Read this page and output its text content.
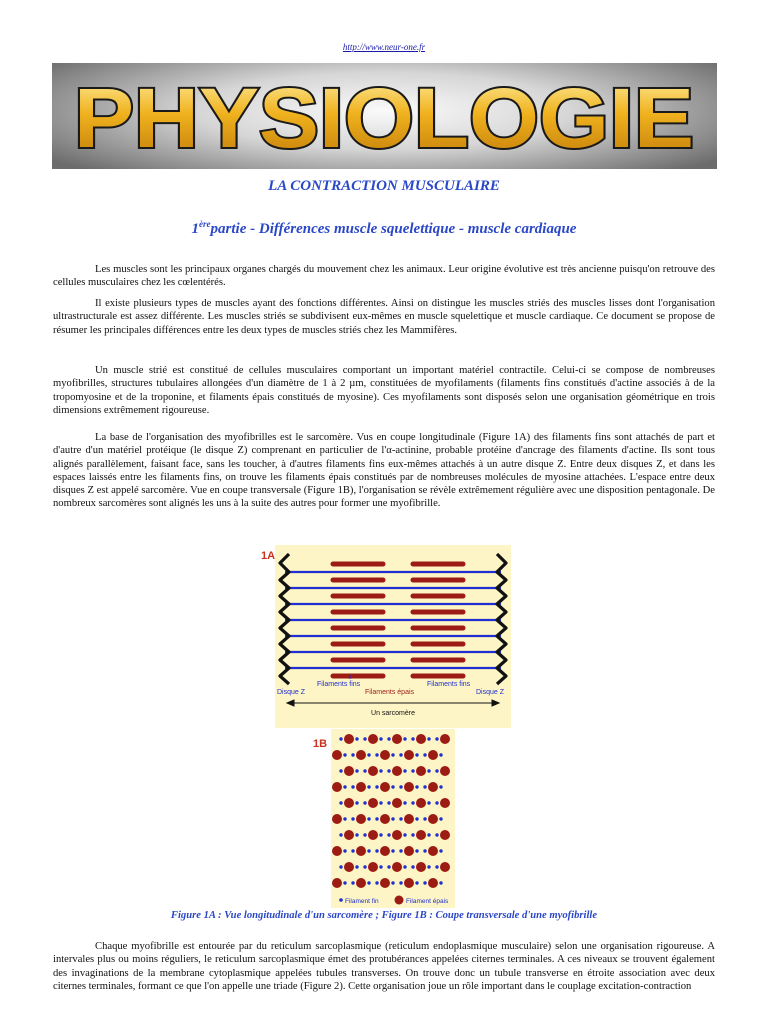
http://www.neur-one.fr
PHYSIOLOGIE
LA CONTRACTION MUSCULAIRE
1èrepartie - Différences muscle squelettique - muscle cardiaque

Les muscles sont les principaux organes chargés du mouvement chez les animaux. Leur origine évolutive est très ancienne puisqu'on retrouve des cellules musculaires chez les cœlentérés.

Il existe plusieurs types de muscles ayant des fonctions différentes. Ainsi on distingue les muscles striés des muscles lisses dont l'organisation ultrastructurale est assez différente. Les muscles striés se subdivisent eux-mêmes en muscle squelettique et muscle cardiaque. Ce document se propose de résumer les principales différences entre les deux types de muscles striés chez les Mammifères.

Un muscle strié est constitué de cellules musculaires comportant un important matériel contractile. Celui-ci se compose de nombreuses myofibrilles, structures tubulaires allongées d'un diamètre de 1 à 2 µm, constituées de myofilaments (filaments fins constitués d'actine associés à de la tropomyosine et de la troponine, et filaments épais constitués de myosine). Ces myofilaments sont disposés selon une organisation géométrique en trois dimensions extrêmement rigoureuse.

La base de l'organisation des myofibrilles est le sarcomère. Vus en coupe longitudinale (Figure 1A) des filaments fins sont attachés de part et d'autre d'un matériel protéique (le disque Z) comprenant en particulier de l'α-actinine, probable protéine d'ancrage des filaments d'actine. Ils sont tous alignés parallèlement, faisant face, sans les toucher, à d'autres filaments fins eux-mêmes attachés à un autre disque Z. Entre deux disques Z, et dans les espaces laissés entre les filaments fins, on trouve les filaments épais constitués par de nombreuses molécules de myosine attachées. L'espace entre deux disques Z est appelé sarcomère. Vue en coupe transversale (Figure 1B), l'organisation se révèle extrêmement régulière avec une disposition pentagonale. De nombreux sarcomères sont alignés les uns à la suite des autres pour former une myofibrille.

1A
Filaments fins	Filaments fins
Filaments épais
Disque Z	Disque Z
Un sarcomère
1B
Filament fin	Filament épais
Figure 1A : Vue longitudinale d'un sarcomère ; Figure 1B : Coupe transversale d'une myofibrille

Chaque myofibrille est entourée par du reticulum sarcoplasmique (reticulum endoplasmique musculaire) selon une organisation rigoureuse. A intervales plus ou moins réguliers, le reticulum sarcoplasmique émet des protubérances appelées citernes terminales. A ces niveaux se trouvent également des invaginations de la membrane cytoplasmique appelées tubules transverses. On trouve donc un tubule transverse en étroite association avec deux citernes terminales, formant ce que l'on appelle une triade (Figure 2). Cette organisation joue un rôle important dans le couplage excitation-contraction
